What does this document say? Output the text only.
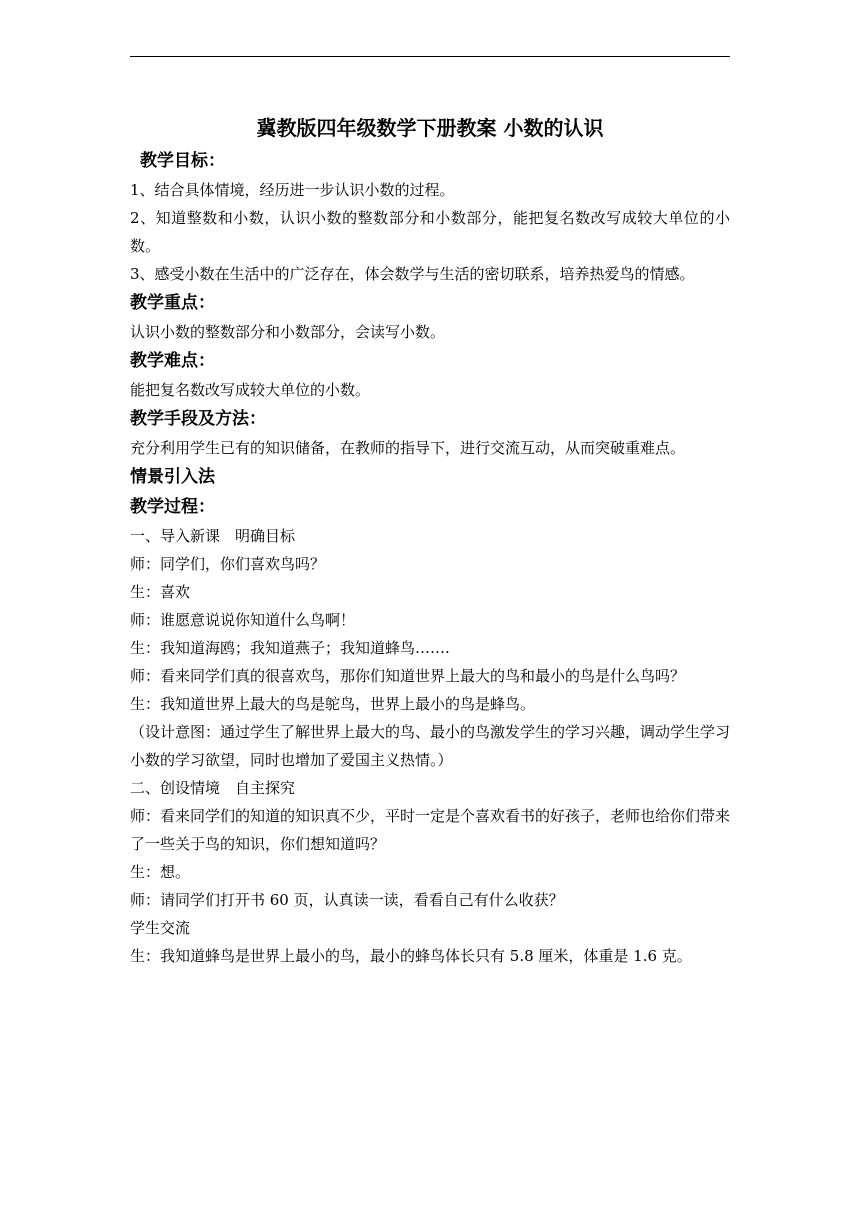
冀教版四年级数学下册教案 小数的认识
教学目标：

1、结合具体情境，经历进一步认识小数的过程。

2、知道整数和小数，认识小数的整数部分和小数部分，能把复名数改写成较大单位的小数。

3、感受小数在生活中的广泛存在，体会数学与生活的密切联系，培养热爱鸟的情感。

教学重点：

认识小数的整数部分和小数部分，会读写小数。

教学难点：

能把复名数改写成较大单位的小数。

教学手段及方法：

充分利用学生已有的知识储备，在教师的指导下，进行交流互动，从而突破重难点。

情景引入法
教学过程：

一、导入新课　明确目标

师：同学们，你们喜欢鸟吗？

生：喜欢

师：谁愿意说说你知道什么鸟啊！

生：我知道海鸥；我知道燕子；我知道蜂鸟…….

师：看来同学们真的很喜欢鸟，那你们知道世界上最大的鸟和最小的鸟是什么鸟吗？

生：我知道世界上最大的鸟是鸵鸟，世界上最小的鸟是蜂鸟。

（设计意图：通过学生了解世界上最大的鸟、最小的鸟激发学生的学习兴趣，调动学生学习小数的学习欲望，同时也增加了爱国主义热情。）

二、创设情境　自主探究

师：看来同学们的知道的知识真不少，平时一定是个喜欢看书的好孩子，老师也给你们带来了一些关于鸟的知识，你们想知道吗？

生：想。

师：请同学们打开书 60 页，认真读一读，看看自己有什么收获？

学生交流

生：我知道蜂鸟是世界上最小的鸟，最小的蜂鸟体长只有 5.8 厘米，体重是 1.6 克。
